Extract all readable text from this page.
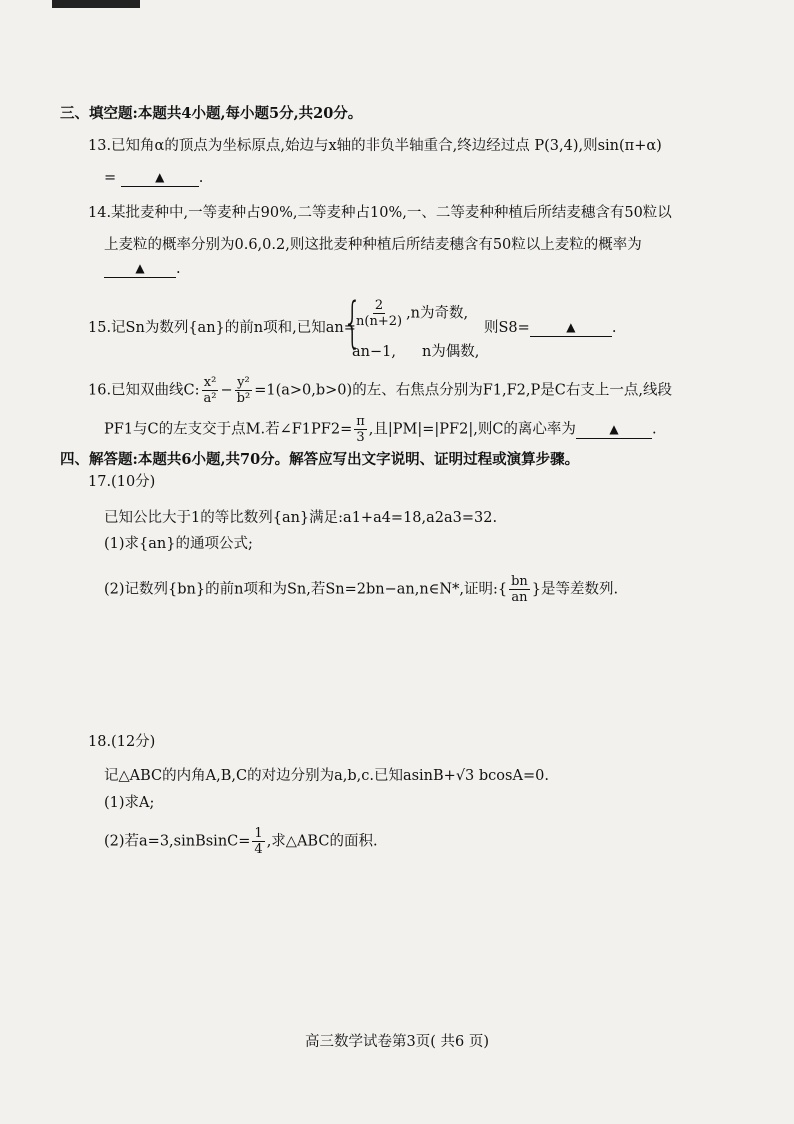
三、填空题:本题共4小题,每小题5分,共20分。
13.已知角α的顶点为坐标原点,始边与x轴的非负半轴重合,终边经过点 P(3,4),则sin(π+α)
=	▲ .
14.某批麦种中,一等麦种占90%,二等麦种占10%,一、二等麦种种植后所结麦穗含有50粒以
上麦粒的概率分别为0.6,0.2,则这批麦种种植后所结麦穗含有50粒以上麦粒的概率为
▲ .
15.记Sn为数列{an}的前n项和,已知an=
{
$\frac{2}{n(n+2)} ,n$为奇数,
an−1, n为偶数,
则S8=	▲	.
16.已知双曲线C: $\frac{\text{x²}}{\text{a²}} - \frac{\text{y²}}{\text{b²}} =1(a>0,b>0)$的左、右焦点分别为F1,F2,P是C右支上一点,线段
PF1与C的左支交于点M.若∠F1PF2= $\frac{\pi}{3}$ ,且|PM|=|PF2|,则C的离心率为	▲ .
四、解答题:本题共6小题,共70分。解答应写出文字说明、证明过程或演算步骤。
17.(10分)
已知公比大于1的等比数列{an}满足:a1+a4=18,a2a3=32.
(1)求{an}的通项公式;
(2)记数列{bn}的前n项和为Sn,若Sn=2bn−an,n∈N*,证明:{ $\frac{bn}{an}$ }是等差数列.
18.(12分)
记△ABC的内角A,B,C的对边分别为a,b,c.已知asinB+√3 bcosA=0.
(1)求A;
(2)若a=3,sinBsinC= $\frac{1}{4}$ ,求△ABC的面积.
高三数学试卷第3页( 共6 页)
